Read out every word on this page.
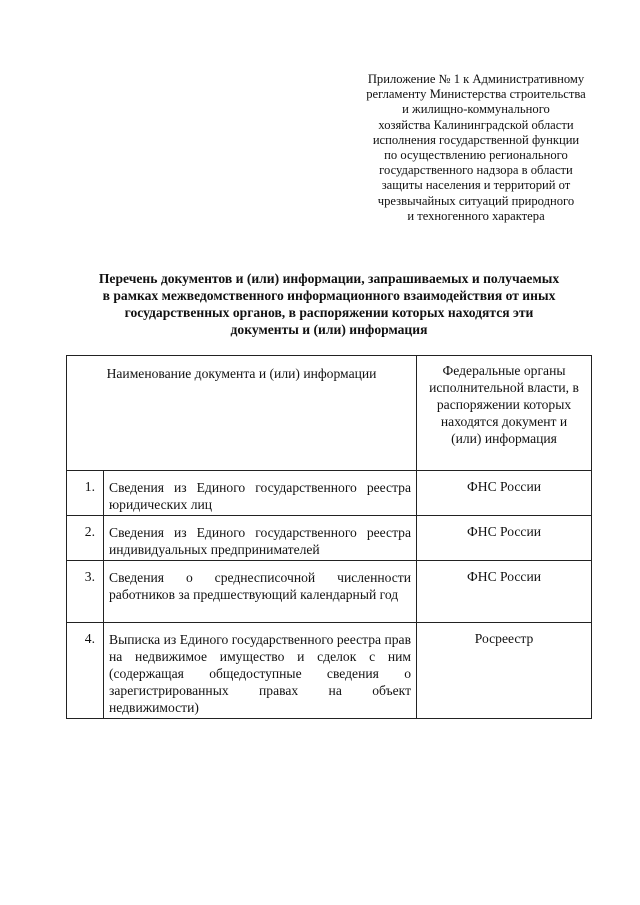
Приложение № 1 к Административному
регламенту Министерства строительства
и жилищно-коммунального
хозяйства Калининградской области
исполнения государственной функции
по осуществлению регионального
государственного надзора в области
защиты населения и территорий от
чрезвычайных ситуаций природного
и техногенного характера
Перечень документов и (или) информации, запрашиваемых и получаемых
в рамках межведомственного информационного взаимодействия от иных
государственных органов, в распоряжении которых находятся эти
документы и (или) информация
Наименование документа и (или) информации		Федеральные органы исполнительной власти, в распоряжении которых находятся документ и (или) информация
1.	Сведения из Единого государственного реестра юридических лиц	ФНС России
2.	Сведения из Единого государственного реестра индивидуальных предпринимателей	ФНС России
3.	Сведения о среднесписочной численности работников за предшествующий календарный год	ФНС России
4.	Выписка из Единого государственного реестра прав на недвижимое имущество и сделок с ним (содержащая общедоступные сведения о зарегистрированных правах на объект недвижимости)	Росреестр
